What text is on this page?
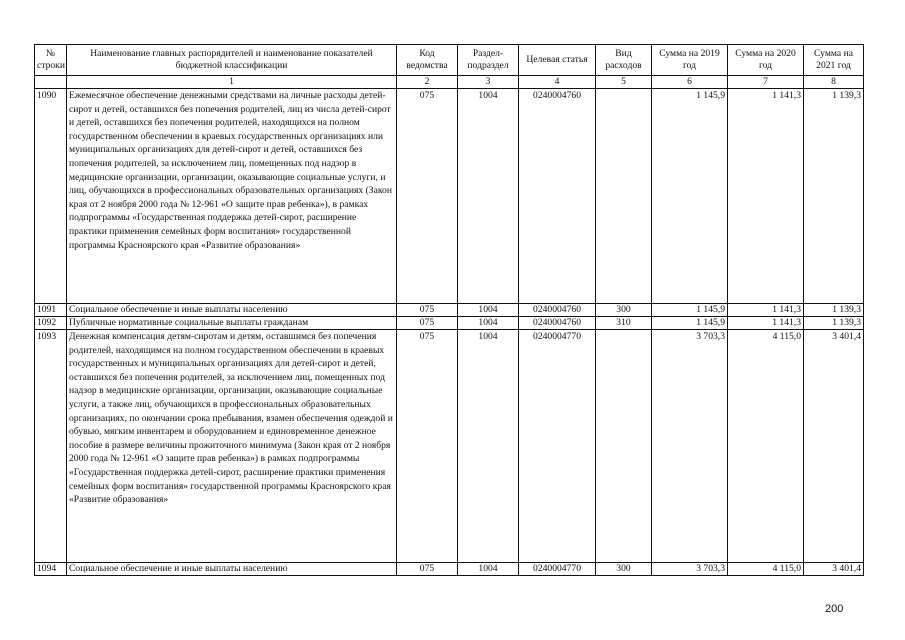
№ строки	Наименование главных распорядителей и наименование показателей бюджетной классификации	Код ведомства	Раздел-подраздел	Целевая статья	Вид расходов	Сумма на 2019 год	Сумма на 2020 год	Сумма на 2021 год
	1	2	3	4	5	6	7	8
1090	Ежемесячное обеспечение денежными средствами на личные расходы детей-сирот и детей, оставшихся без попечения родителей, лиц из числа детей-сирот и детей, оставшихся без попечения родителей, находящихся на полном государственном обеспечении в краевых государственных организациях или муниципальных организациях для детей-сирот и детей, оставшихся без попечения родителей, за исключением лиц, помещенных под надзор в медицинские организации, организации, оказывающие социальные услуги, и лиц, обучающихся в профессиональных образовательных организациях (Закон края от 2 ноября 2000 года № 12-961 «О защите прав ребенка»), в рамках подпрограммы «Государственная поддержка детей-сирот, расширение практики применения семейных форм воспитания» государственной программы Красноярского края «Развитие образования»	075	1004	0240004760		1 145,9	1 141,3	1 139,3
1091	Социальное обеспечение и иные выплаты населению	075	1004	0240004760	300	1 145,9	1 141,3	1 139,3
1092	Публичные нормативные социальные выплаты гражданам	075	1004	0240004760	310	1 145,9	1 141,3	1 139,3
1093	Денежная компенсация детям-сиротам и детям, оставшимся без попечения родителей, находящимся на полном государственном обеспечении в краевых государственных и муниципальных организациях для детей-сирот и детей, оставшихся без попечения родителей, за исключением лиц, помещенных под надзор в медицинские организации, организации, оказывающие социальные услуги, а также лиц, обучающихся в профессиональных образовательных организациях, по окончании срока пребывания, взамен обеспечения одеждой и обувью, мягким инвентарем и оборудованием и единовременное денежное пособие в размере величины прожиточного минимума (Закон края от 2 ноября 2000 года № 12-961 «О защите прав ребенка») в рамках подпрограммы «Государственная поддержка детей-сирот, расширение практики применения семейных форм воспитания» государственной программы Красноярского края «Развитие образования»	075	1004	0240004770		3 703,3	4 115,0	3 401,4
1094	Социальное обеспечение и иные выплаты населению	075	1004	0240004770	300	3 703,3	4 115,0	3 401,4
200
